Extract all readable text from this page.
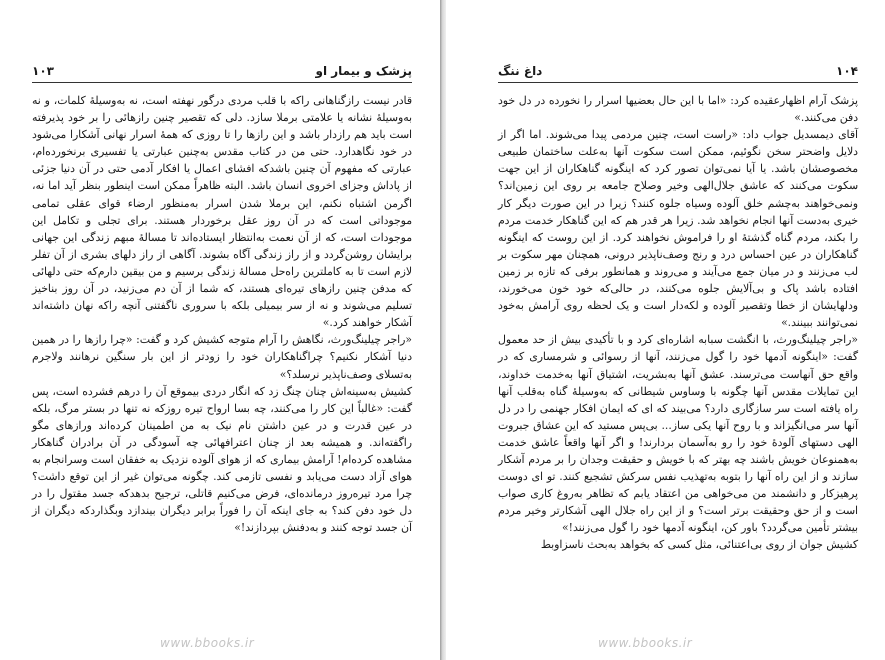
پزشک و بیمار او
۱۰۳

قادر نیست رازگناهانی راکه با قلب مردی درگور نهفته است، نه به‌وسیلهٔ کلمات، و نه به‌وسیلهٔ نشانه یا علامتی برملا سازد. دلی که تقصیر چنین رازهائی را بر خود پذیرفته است باید هم رازدار باشد و این رازها را تا روزی که همهٔ اسرار نهانی آشکارا می‌شود در خود نگاهدارد. حتی من در کتاب مقدس به‌چنین عبارتی یا تفسیری برنخورده‌ام، عبارتی که مفهوم آن چنین باشدکه افشای اعمال یا افکار آدمی حتی در آن دنیا جزئی از پاداش وجزای اخروی انسان باشد. البته ظاهراً ممکن است اینطور بنظر آید اما نه، اگرمن اشتباه نکنم، این برملا شدن اسرار به‌منظور ارضاء قوای عقلی تمامی موجوداتی است که در آن روز عقل برخوردار هستند. برای تجلی و تکامل این موجودات است، که از آن نعمت به‌انتظار ایستاده‌اند تا مسالهٔ مبهم زندگی این جهانی برایشان روشن‌گردد و از راز زندگی آگاه بشوند. آگاهی از راز دلهای بشری از آن تفلر لازم است تا به کاملترین راه‌حل مسالهٔ زندگی برسیم و من بیقین دارم‌که حتی دلهائی که مدفن چنین رازهای تیره‌ای هستند، که شما از آن دم می‌زنید، در آن روز بناخیز تسلیم می‌شوند و نه از سر بیمیلی بلکه با سروری ناگفتنی آنچه راکه نهان داشته‌اند آشکار خواهند کرد.»

«راجر چیلینگ‌ورث، نگاهش را آرام متوجه کشیش کرد و گفت: «چرا رازها را در همین دنیا آشکار نکنیم؟ چراگناهکاران خود را زودتر از این بار سنگین نرهانند ولاجرم به‌تسلای وصف‌ناپذیر نرسلد؟»

کشیش به‌سینه‌اش چنان چنگ زد که انگار دردی بیموقع آن را درهم فشرده است، پس گفت: «غالباً این کار را می‌کنند، چه بسا ارواح تیره روزکه نه تنها در بستر مرگ، بلکه در عین قدرت و در عین داشتن نام نیک به من اطمینان کرده‌اند ورازهای مگو راگفته‌اند. و همیشه بعد از چنان اعترافهائی چه آسودگی در آن برادران گناهکار مشاهده کرده‌ام! آرامش بیماری که از هوای آلوده نزدیک به خفقان است وسرانجام به هوای آزاد دست می‌یابد و نفسی تازمی کند. چگونه می‌توان غیر از این توقع داشت؟ چرا مرد تیره‌روز درمانده‌ای، فرض می‌کنیم قاتلی، ترجیح بدهدکه جسد مقتول را در دل خود دفن کند؟ به جای اینکه آن را فوراً برابر دیگران بیندازد وبگذاردکه دیگران از آن جسد توجه کنند و به‌دفنش بپردازند!»

www.bbooks.ir
۱۰۴
داغ ننگ

پزشک آرام اظهارعقیده کرد: «اما با این حال بعضیها اسرار را نخورده در دل خود دفن می‌کنند.»

آقای دیمسدیل جواب داد: «راست است، چنین مردمی پیدا می‌شوند. اما اگر از دلایل واضحتر سخن نگوئیم، ممکن است سکوت آنها به‌علت ساختمان طبیعی مخصوصشان باشد. یا آیا نمی‌توان تصور کرد که اینگونه گناهکاران از این جهت سکوت می‌کنند که عاشق جلال‌الهی وخیر وصلاح جامعه بر روی این زمین‌اند؟ ونمی‌خواهند به‌چشم خلق آلوده وسیاه جلوه کنند؟ زیرا در این صورت دیگر کار خیری به‌دست آنها انجام نخواهد شد. زیرا هر قدر هم که این گناهکار خدمت مردم را بکند، مردم گناه گذشتهٔ او را فراموش نخواهند کرد. از این روست که اینگونه گناهکاران در عین احساس درد و رنج وصف‌ناپذیر درونی، همچنان مهر سکوت بر لب می‌زنند و در میان جمع می‌آیند و می‌روند و همانطور برفی که تازه بر زمین افتاده باشد پاک و بی‌آلایش جلوه می‌کنند، در حالی‌که خود خون می‌خورند، ودلهایشان از خطا وتقصیر آلوده و لکه‌دار است و یک لحظه روی آرامش به‌خود نمی‌توانند ببینند.»

«راجر چیلینگ‌ورث، با انگشت سبابه اشاره‌ای کرد و با تأکیدی بیش از حد معمول گفت: «اینگونه آدمها خود را گول می‌زنند، آنها از رسوائی و شرمساری که در واقع حق آنهاست می‌ترسند. عشق آنها به‌بشریت، اشتیاق آنها به‌خدمت خداوند، این تمایلات مقدس آنها چگونه با وساوس شیطانی که به‌وسیلهٔ گناه به‌قلب آنها راه یافته است سر سازگاری دارد؟ می‌بیند که ای که ایمان افکار جهنمی را در دل آنها سر می‌انگیزاند و با روح آنها یکی ساز... بی‌پس مستید که این عشاق جبروت الهی دستهای آلودهٔ خود را رو به‌آسمان بردارند! و اگر آنها واقعاً عاشق خدمت به‌همنوعان خویش باشند چه بهتر که با خویش و حقیقت وجدان را بر مردم آشکار سازند و از این راه آنها را بتوبه به‌تهذیب نفس سرکش تشجیع کنند. تو ای دوست پرهیزکار و دانشمند من می‌خواهی من اعتقاد یابم که تظاهر به‌روغ کاری صواب است و از حق وحقیقت برتر است؟ و از این راه جلال الهی آشکارتر وخیر مردم بیشتر تأمین می‌گردد؟ باور کن، اینگونه آدمها خود را گول می‌زنند!»

کشیش جوان از روی بی‌اعتنائی، مثل کسی که بخواهد به‌بحث ناسزاوبط

www.bbooks.ir
